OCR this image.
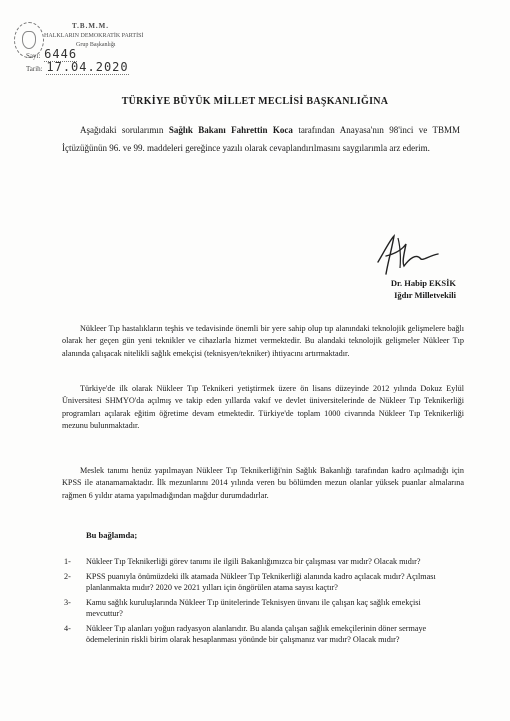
T.B.M.M.
HALKLARIN DEMOKRATİK PARTİSİ
Grup Başkanlığı
Sayı: 6446
Tarih: 17.04.2020
TÜRKİYE BÜYÜK MİLLET MECLİSİ BAŞKANLIĞINA
Aşağıdaki sorularımın Sağlık Bakanı Fahrettin Koca tarafından Anayasa'nın 98'inci ve TBMM İçtüzüğünün 96. ve 99. maddeleri gereğince yazılı olarak cevaplandırılmasını saygılarımla arz ederim.
Dr. Habip EKSİK
Iğdır Milletvekili
Nükleer Tıp hastalıkların teşhis ve tedavisinde önemli bir yere sahip olup tıp alanındaki teknolojik gelişmelere bağlı olarak her geçen gün yeni teknikler ve cihazlarla hizmet vermektedir. Bu alandaki teknolojik gelişmeler Nükleer Tıp alanında çalışacak nitelikli sağlık emekçisi (teknisyen/tekniker) ihtiyacını artırmaktadır.
Türkiye'de ilk olarak Nükleer Tıp Teknikeri yetiştirmek üzere ön lisans düzeyinde 2012 yılında Dokuz Eylül Üniversitesi SHMYO'da açılmış ve takip eden yıllarda vakıf ve devlet üniversitelerinde de Nükleer Tıp Teknikerliği programları açılarak eğitim öğretime devam etmektedir. Türkiye'de toplam 1000 civarında Nükleer Tıp Teknikerliği mezunu bulunmaktadır.
Meslek tanımı henüz yapılmayan Nükleer Tıp Teknikerliği'nin Sağlık Bakanlığı tarafından kadro açılmadığı için KPSS ile atanamamaktadır. İlk mezunlarını 2014 yılında veren bu bölümden mezun olanlar yüksek puanlar almalarına rağmen 6 yıldır atama yapılmadığından mağdur durumdadırlar.
Bu bağlamda;
1-	Nükleer Tıp Teknikerliği görev tanımı ile ilgili Bakanlığımızca bir çalışması var mıdır? Olacak mıdır?
2-	KPSS puanıyla önümüzdeki ilk atamada Nükleer Tıp Teknikerliği alanında kadro açılacak mıdır? Açılması planlanmakta mıdır? 2020 ve 2021 yılları için öngörülen atama sayısı kaçtır?
3-	Kamu sağlık kuruluşlarında Nükleer Tıp ünitelerinde Teknisyen ünvanı ile çalışan kaç sağlık emekçisi mevcuttur?
4-	Nükleer Tıp alanları yoğun radyasyon alanlarıdır. Bu alanda çalışan sağlık emekçilerinin döner sermaye ödemelerinin riskli birim olarak hesaplanması yönünde bir çalışmanız var mıdır? Olacak mıdır?
